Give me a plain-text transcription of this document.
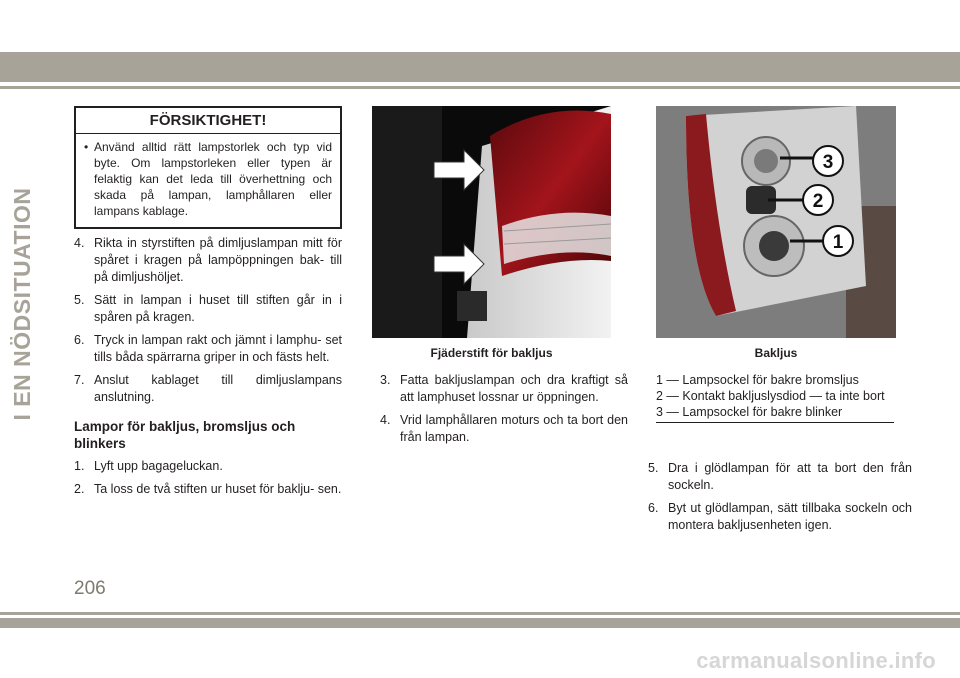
I EN NÖDSITUATION
FÖRSIKTIGHET!
• Använd alltid rätt lampstorlek och typ vid byte. Om lampstorleken eller typen är felaktig kan det leda till överhettning och skada på lampan, lamphållaren eller lampans kablage.
4. Rikta in styrstiften på dimljuslampan mitt för spåret i kragen på lampöppningen bak- till på dimljushöljet.
5. Sätt in lampan i huset till stiften går in i spåren på kragen.
6. Tryck in lampan rakt och jämnt i lamphu- set tills båda spärrarna griper in och fästs helt.
7. Anslut kablaget till dimljuslampans anslutning.
Lampor för bakljus, bromsljus och blinkers
1. Lyft upp bagageluckan.
2. Ta loss de två stiften ur huset för baklju- sen.
Fjäderstift för bakljus
3
2
1
Bakljus
3. Fatta bakljuslampan och dra kraftigt så att lamphuset lossnar ur öppningen.
4. Vrid lamphållaren moturs och ta bort den från lampan.
1 — Lampsockel för bakre bromsljus
2 — Kontakt bakljuslysdiod — ta inte bort
3 — Lampsockel för bakre blinker
5. Dra i glödlampan för att ta bort den från sockeln.
6. Byt ut glödlampan, sätt tillbaka sockeln och montera bakljusenheten igen.
206
carmanualsonline.info
